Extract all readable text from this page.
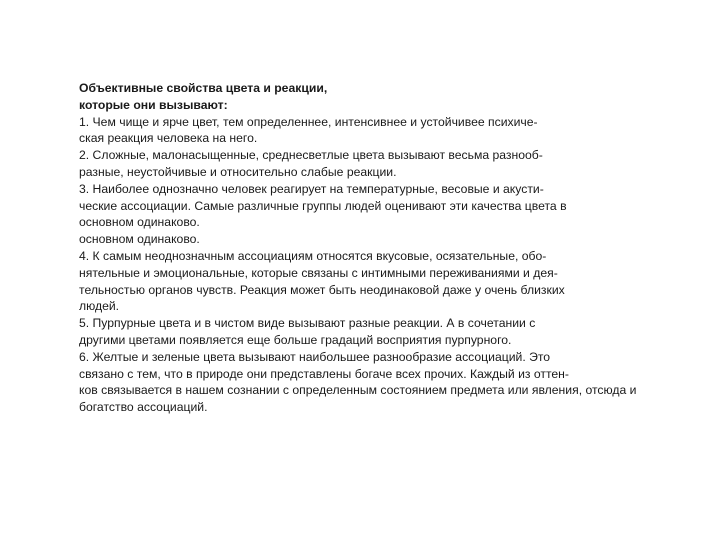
Объективные свойства цвета и реакции,
которые они вызывают:
1. Чем чище и ярче цвет, тем определеннее, интенсивнее и устойчивее психиче-
ская реакция человека на него.
2. Сложные, малонасыщенные, среднесветлые цвета вызывают весьма разнооб-
разные, неустойчивые и относительно слабые реакции.
3. Наиболее однозначно человек реагирует на температурные, весовые и акусти-
ческие ассоциации. Самые различные группы людей оценивают эти качества цвета в
основном одинаково.
основном одинаково.
4. К самым неоднозначным ассоциациям относятся вкусовые, осязательные, обо-
нятельные и эмоциональные, которые связаны с интимными переживаниями и дея-
тельностью органов чувств. Реакция может быть неодинаковой даже у очень близких
людей.
5. Пурпурные цвета и в чистом виде вызывают разные реакции. А в сочетании с
другими цветами появляется еще больше градаций восприятия пурпурного.
6. Желтые и зеленые цвета вызывают наибольшее разнообразие ассоциаций. Это
связано с тем, что в природе они представлены богаче всех прочих. Каждый из оттен-
ков связывается в нашем сознании с определенным состоянием предмета или явления, отсюда и
богатство ассоциаций.
